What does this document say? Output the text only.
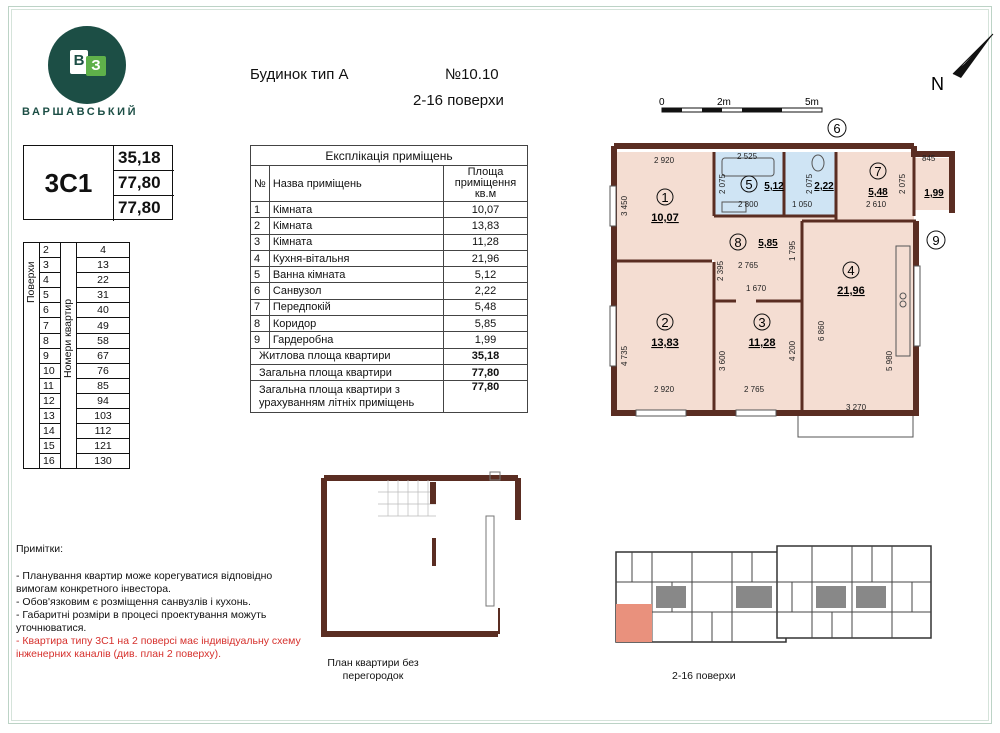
В З
ВАРШАВСЬКИЙ
Будинок тип А	№10.10
2-16 поверхи
3С1
35,18
77,80
77,80
Поверхи	2	Номери квартир	4
	3		13
	4		22
	5		31
	6		40
	7		49
	8		58
	9		67
	10		76
	11		85
	12		94
	13		103
	14		112
	15		121
	16		130
Експлікація приміщень		
№	Назва приміщень	Площа приміщення кв.м
1	Кімната	10,07
2	Кімната	13,83
3	Кімната	11,28
4	Кухня-вітальня	21,96
5	Ванна кімната	5,12
6	Санвузол	2,22
7	Передпокій	5,48
8	Коридор	5,85
9	Гардеробна	1,99
Житлова площа квартири		35,18
Загальна площа квартири		77,80
Загальна площа квартири з урахуванням літніх приміщень		77,80
0	2m	5m
N
1
10,07
2
13,83
3
11,28
4
21,96
5 5,12
6
2,22
7
5,48
8 5,85	9
1,99
2 920	2 525	845
2 800	1 050	2 610
2 765
1 670
2 920	2 765
3 270
3 450
2 075	2 075	2 075
2 395
1 795
4 735	3 600	4 200
6 860
5 980
План квартири без перегородок	2-16 поверхи
Примітки:
- Планування квартир може корегуватися відповідно вимогам конкретного інвестора.
- Обов'язковим є розміщення санвузлів і кухонь.
- Габаритні розміри в процесі проектування можуть уточнюватися.
- Квартира типу 3С1 на 2 поверсі має індивідуальну схему інженерних каналів (див. план 2 поверху).
